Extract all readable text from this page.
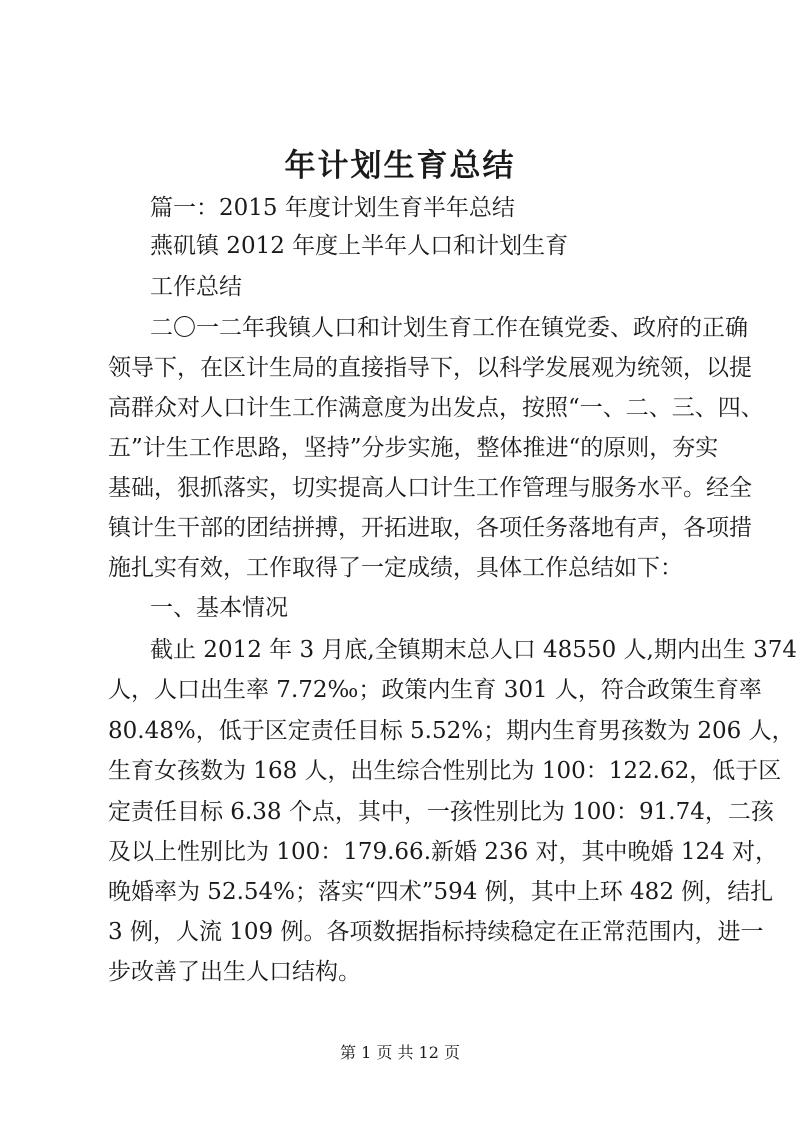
年计划生育总结
篇一：2015 年度计划生育半年总结
燕矶镇 2012 年度上半年人口和计划生育
工作总结
二〇一二年我镇人口和计划生育工作在镇党委、政府的正确
领导下，在区计生局的直接指导下，以科学发展观为统领，以提
高群众对人口计生工作满意度为出发点，按照“一、二、三、四、
五”计生工作思路，坚持”分步实施，整体推进“的原则，夯实
基础，狠抓落实，切实提高人口计生工作管理与服务水平。经全
镇计生干部的团结拼搏，开拓进取，各项任务落地有声，各项措
施扎实有效，工作取得了一定成绩，具体工作总结如下：
一、基本情况
截止 2012 年 3 月底,全镇期末总人口 48550 人,期内出生 374
人，人口出生率 7.72‰；政策内生育 301 人，符合政策生育率
80.48%，低于区定责任目标 5.52%；期内生育男孩数为 206 人，
生育女孩数为 168 人，出生综合性别比为 100：122.62，低于区
定责任目标 6.38 个点，其中，一孩性别比为 100：91.74，二孩
及以上性别比为 100：179.66.新婚 236 对，其中晚婚 124 对，
晚婚率为 52.54%；落实“四术”594 例，其中上环 482 例，结扎
3 例，人流 109 例。各项数据指标持续稳定在正常范围内，进一
步改善了出生人口结构。
第 1 页 共 12 页
